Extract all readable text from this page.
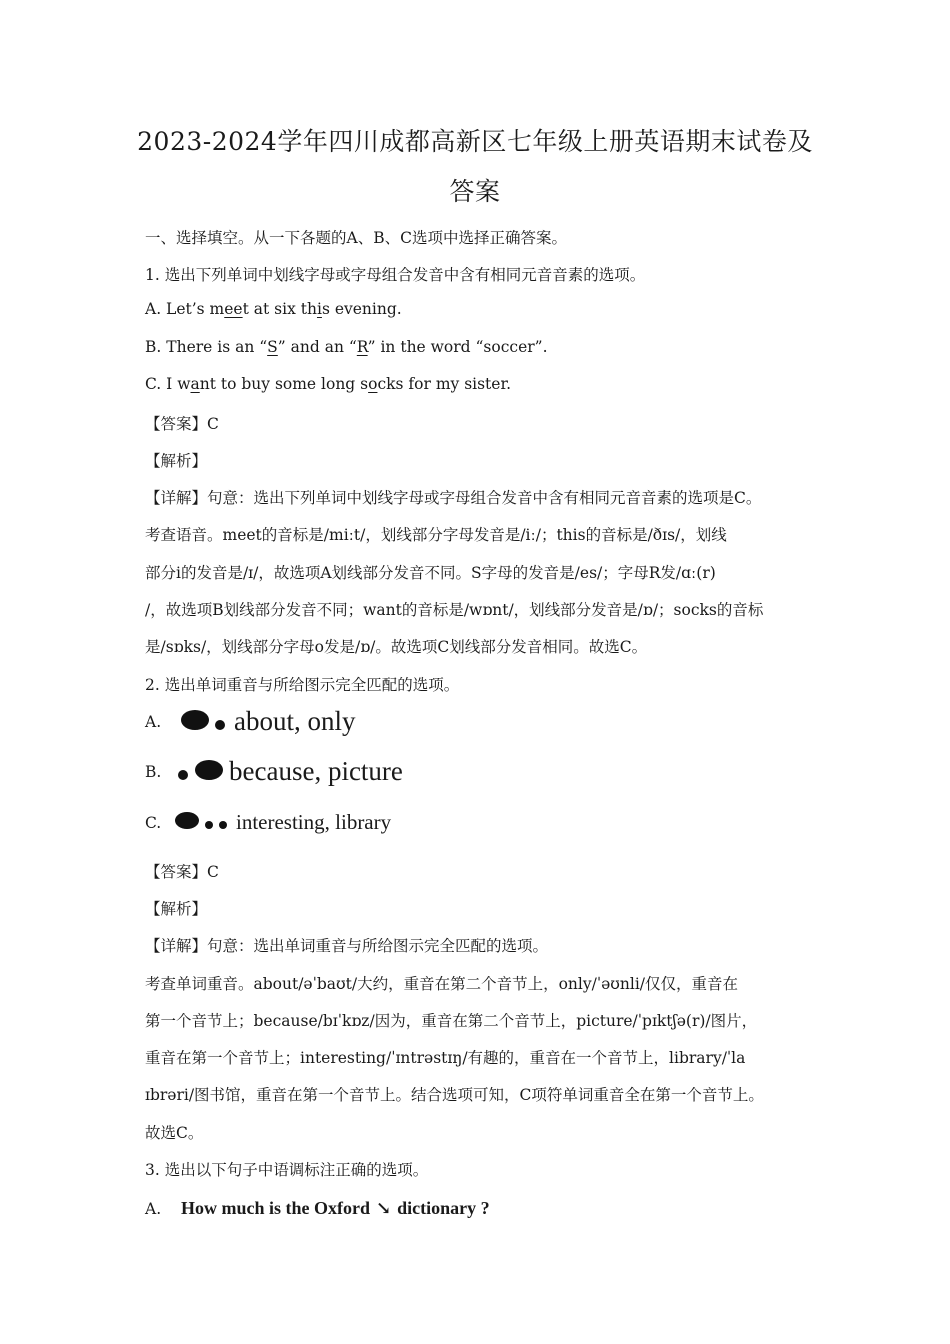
2023-2024学年四川成都高新区七年级上册英语期末试卷及
答案
一、选择填空。从一下各题的A、B、C选项中选择正确答案。
1. 选出下列单词中划线字母或字母组合发音中含有相同元音音素的选项。
A. Let’s meet at six this evening.
B. There is an “S” and an “R” in the word “soccer”.
C. I want to buy some long socks for my sister.
【答案】C
【解析】
【详解】句意：选出下列单词中划线字母或字母组合发音中含有相同元音音素的选项是C。
考查语音。meet的音标是/miːt/，划线部分字母发音是/iː/；this的音标是/ðɪs/，划线
部分i的发音是/ɪ/，故选项A划线部分发音不同。S字母的发音是/es/；字母R发/ɑː(r)
/，故选项B划线部分发音不同；want的音标是/wɒnt/，划线部分发音是/ɒ/；socks的音标
是/sɒks/，划线部分字母o发是/ɒ/。故选项C划线部分发音相同。故选C。
2. 选出单词重音与所给图示完全匹配的选项。
A.	about, only
B.	because, picture
C.	interesting, library
【答案】C
【解析】
【详解】句意：选出单词重音与所给图示完全匹配的选项。
考查单词重音。about/əˈbaʊt/大约，重音在第二个音节上，only/ˈəʊnli/仅仅，重音在
第一个音节上；because/bɪˈkɒz/因为，重音在第二个音节上，picture/ˈpɪktʃə(r)/图片，
重音在第一个音节上；interesting/ˈɪntrəstɪŋ/有趣的，重音在一个音节上，library/ˈla
ɪbrəri/图书馆，重音在第一个音节上。结合选项可知，C项符单词重音全在第一个音节上。
故选C。
3. 选出以下句子中语调标注正确的选项。
A.	How much is the Oxford ↘ dictionary ?
